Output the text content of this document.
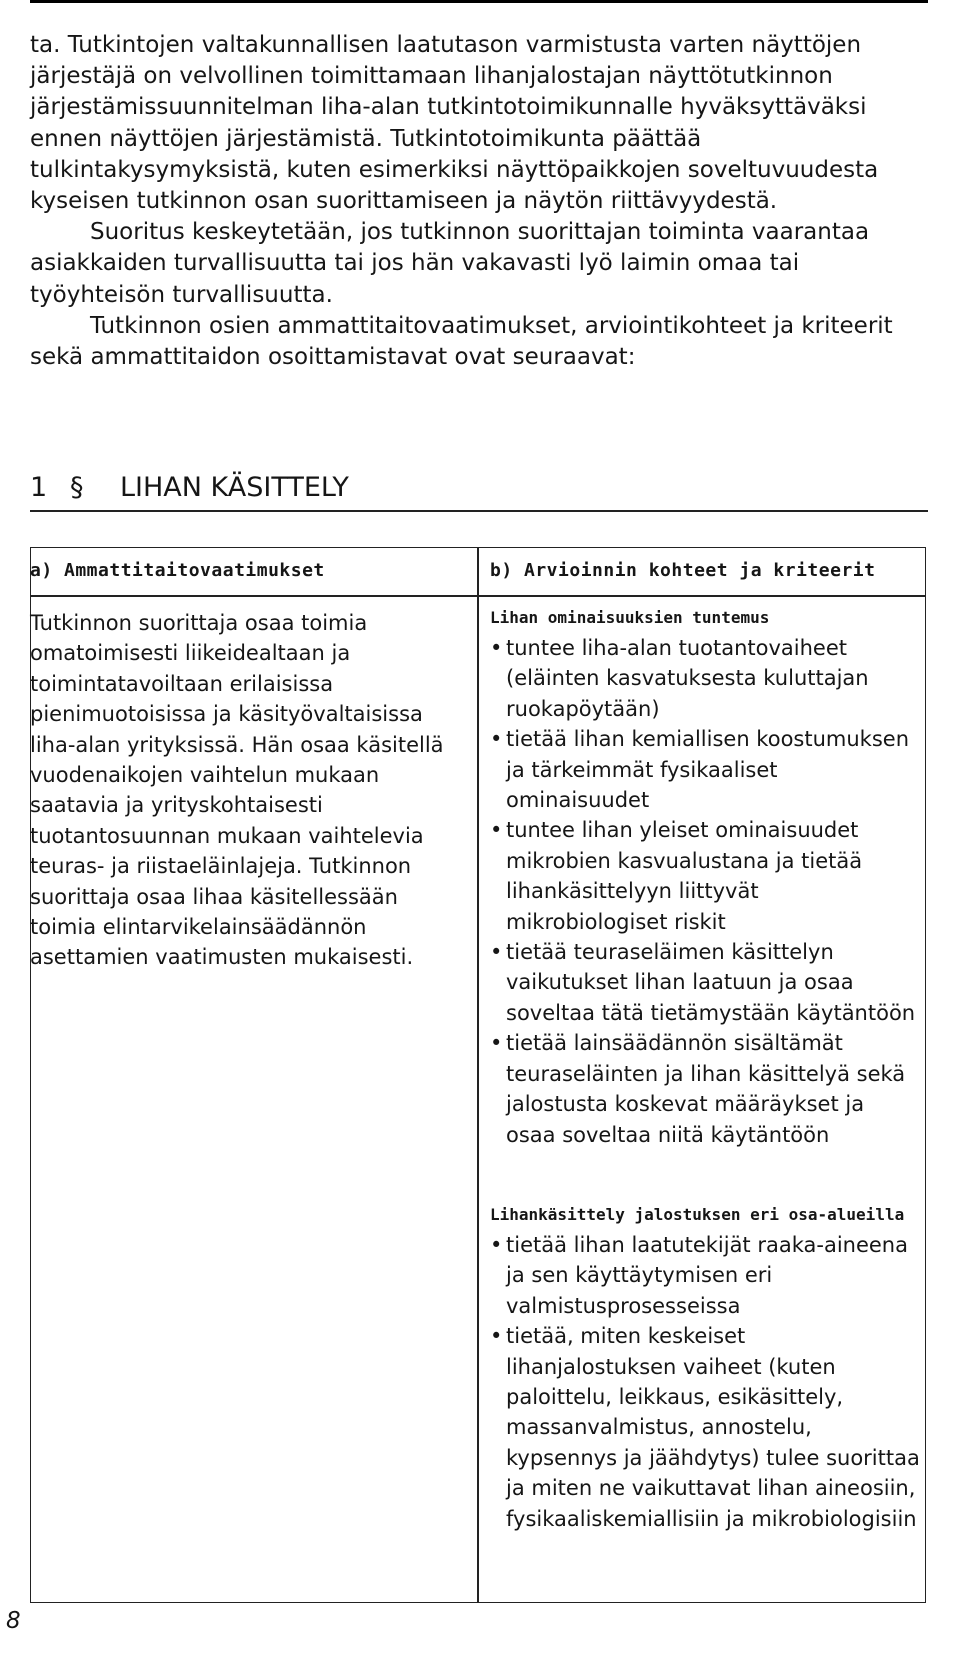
ta. Tutkintojen valtakunnallisen laatutason varmistusta varten näyttöjen järjestäjä on velvollinen toimittamaan lihanjalostajan näyttötutkinnon järjestämissuunnitelman liha-alan tutkintotoimikunnalle hyväksyttäväksi ennen näyttöjen järjestämistä. Tutkintotoimikunta päättää tulkintakysymyksistä, kuten esimerkiksi näyttöpaikkojen soveltuvuudesta kyseisen tutkinnon osan suorittamiseen ja näytön riittävyydestä.

Suoritus keskeytetään, jos tutkinnon suorittajan toiminta vaarantaa asiakkaiden turvallisuutta tai jos hän vakavasti lyö laimin omaa tai työyhteisön turvallisuutta.

Tutkinnon osien ammattitaitovaatimukset, arviointikohteet ja kriteerit sekä ammattitaidon osoittamistavat ovat seuraavat:

1 § LIHAN KÄSITTELY
a) Ammattitaitovaatimukset	b) Arvioinnin kohteet ja kriteerit
Tutkinnon suorittaja osaa toimia omatoimisesti liikeidealtaan ja toimintatavoiltaan erilaisissa pienimuotoisissa ja käsityövaltaisissa liha-alan yrityksissä. Hän osaa käsitellä vuodenaikojen vaihtelun mukaan saatavia ja yrityskohtaisesti tuotantosuunnan mukaan vaihtelevia teuras- ja riistaeläinlajeja. Tutkinnon suorittaja osaa lihaa käsitellessään toimia elintarvikelainsäädännön asettamien vaatimusten mukaisesti.

Lihan ominaisuuksien tuntemus

• tuntee liha-alan tuotantovaiheet (eläinten kasvatuksesta kuluttajan ruokapöytään)
• tietää lihan kemiallisen koostumuksen ja tärkeimmät fysikaaliset ominaisuudet
• tuntee lihan yleiset ominaisuudet mikrobien kasvualustana ja tietää lihankäsittelyyn liittyvät mikrobiologiset riskit
• tietää teuraseläimen käsittelyn vaikutukset lihan laatuun ja osaa soveltaa tätä tietämystään käytäntöön
• tietää lainsäädännön sisältämät teuraseläinten ja lihan käsittelyä sekä jalostusta koskevat määräykset ja osaa soveltaa niitä käytäntöön

Lihankäsittely jalostuksen eri osa-alueilla

• tietää lihan laatutekijät raaka-aineena ja sen käyttäytymisen eri valmistusprosesseissa
• tietää, miten keskeiset lihanjalostuksen vaiheet (kuten paloittelu, leikkaus, esikäsittely, massanvalmistus, annostelu, kypsennys ja jäähdytys) tulee suorittaa ja miten ne vaikuttavat lihan aineosiin, fysikaaliskemiallisiin ja mikrobiologisiin
8
